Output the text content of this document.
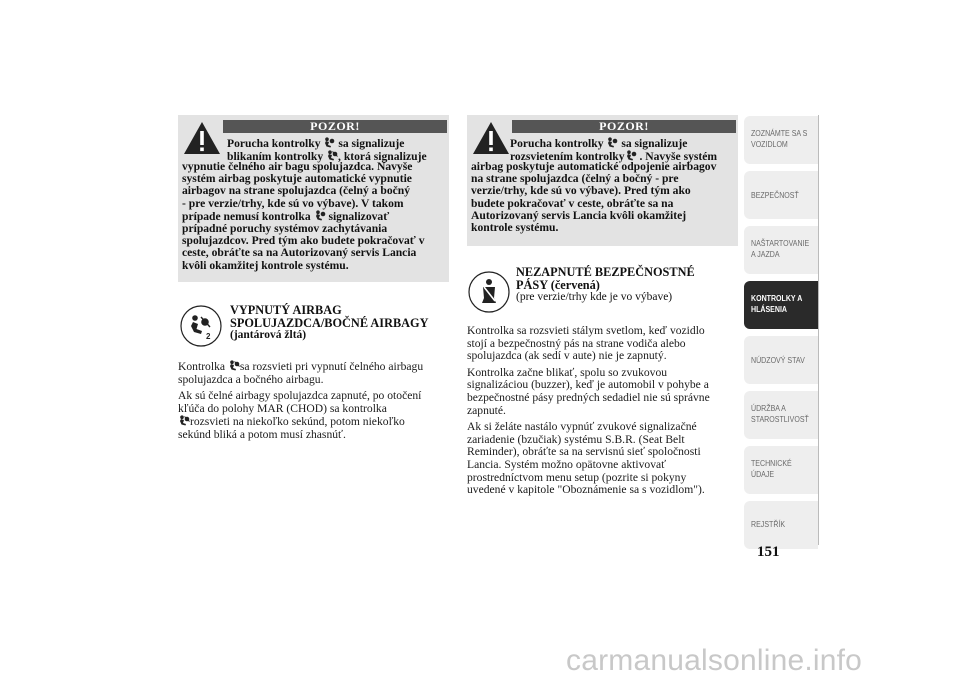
POZOR!

Porucha kontrolky sa signalizuje

blikaním kontrolky , ktorá signalizuje

vypnutie čelného air bagu spolujazdca. Navyše

systém airbag poskytuje automatické vypnutie

airbagov na strane spolujazdca (čelný a bočný

- pre verzie/trhy, kde sú vo výbave). V takom

prípade nemusí kontrolka signalizovať

prípadné poruchy systémov zachytávania

spolujazdcov. Pred tým ako budete pokračovať v

ceste, obráťte sa na Autorizovaný servis Lancia

kvôli okamžitej kontrole systému.

2
VYPNUTÝ AIRBAG
SPOLUJAZDCA/BOČNÉ AIRBAGY
(jantárová žltá)

Kontrolka sa rozsvieti pri vypnutí čelného airbagu
spolujazdca a bočného airbagu.

Ak sú čelné airbagy spolujazdca zapnuté, po otočení
kľúča do polohy MAR (CHOD) sa kontrolka
rozsvieti na niekoľko sekúnd, potom niekoľko
sekúnd bliká a potom musí zhasnúť.

POZOR!

Porucha kontrolky sa signalizuje

rozsvietením kontrolky . Navyše systém

airbag poskytuje automatické odpojenie airbagov

na strane spolujazdca (čelný a bočný - pre

verzie/trhy, kde sú vo výbave). Pred tým ako

budete pokračovať v ceste, obráťte sa na

Autorizovaný servis Lancia kvôli okamžitej

kontrole systému.

NEZAPNUTÉ BEZPEČNOSTNÉ
PÁSY (červená)
(pre verzie/trhy kde je vo výbave)

Kontrolka sa rozsvieti stálym svetlom, keď vozidlo
stojí a bezpečnostný pás na strane vodiča alebo
spolujazdca (ak sedí v aute) nie je zapnutý.

Kontrolka začne blikať, spolu so zvukovou
signalizáciou (buzzer), keď je automobil v pohybe a
bezpečnostné pásy predných sedadiel nie sú správne
zapnuté.

Ak si želáte nastálo vypnúť zvukové signalizačné
zariadenie (bzučiak) systému S.B.R. (Seat Belt
Reminder), obráťte sa na servisnú sieť spoločnosti
Lancia. Systém možno opätovne aktivovať
prostredníctvom menu setup (pozrite si pokyny
uvedené v kapitole "Oboznámenie sa s vozidlom").

ZOZNÁMTE SA S
VOZIDLOM
BEZPEČNOSŤ
NAŠTARTOVANIE
A JAZDA
KONTROLKY A
HLÁSENIA
NÚDZOVÝ STAV
ÚDRŽBA A
STAROSTLIVOSŤ
TECHNICKÉ
ÚDAJE
REJSTŘÍK
151
carmanualsonline.info
